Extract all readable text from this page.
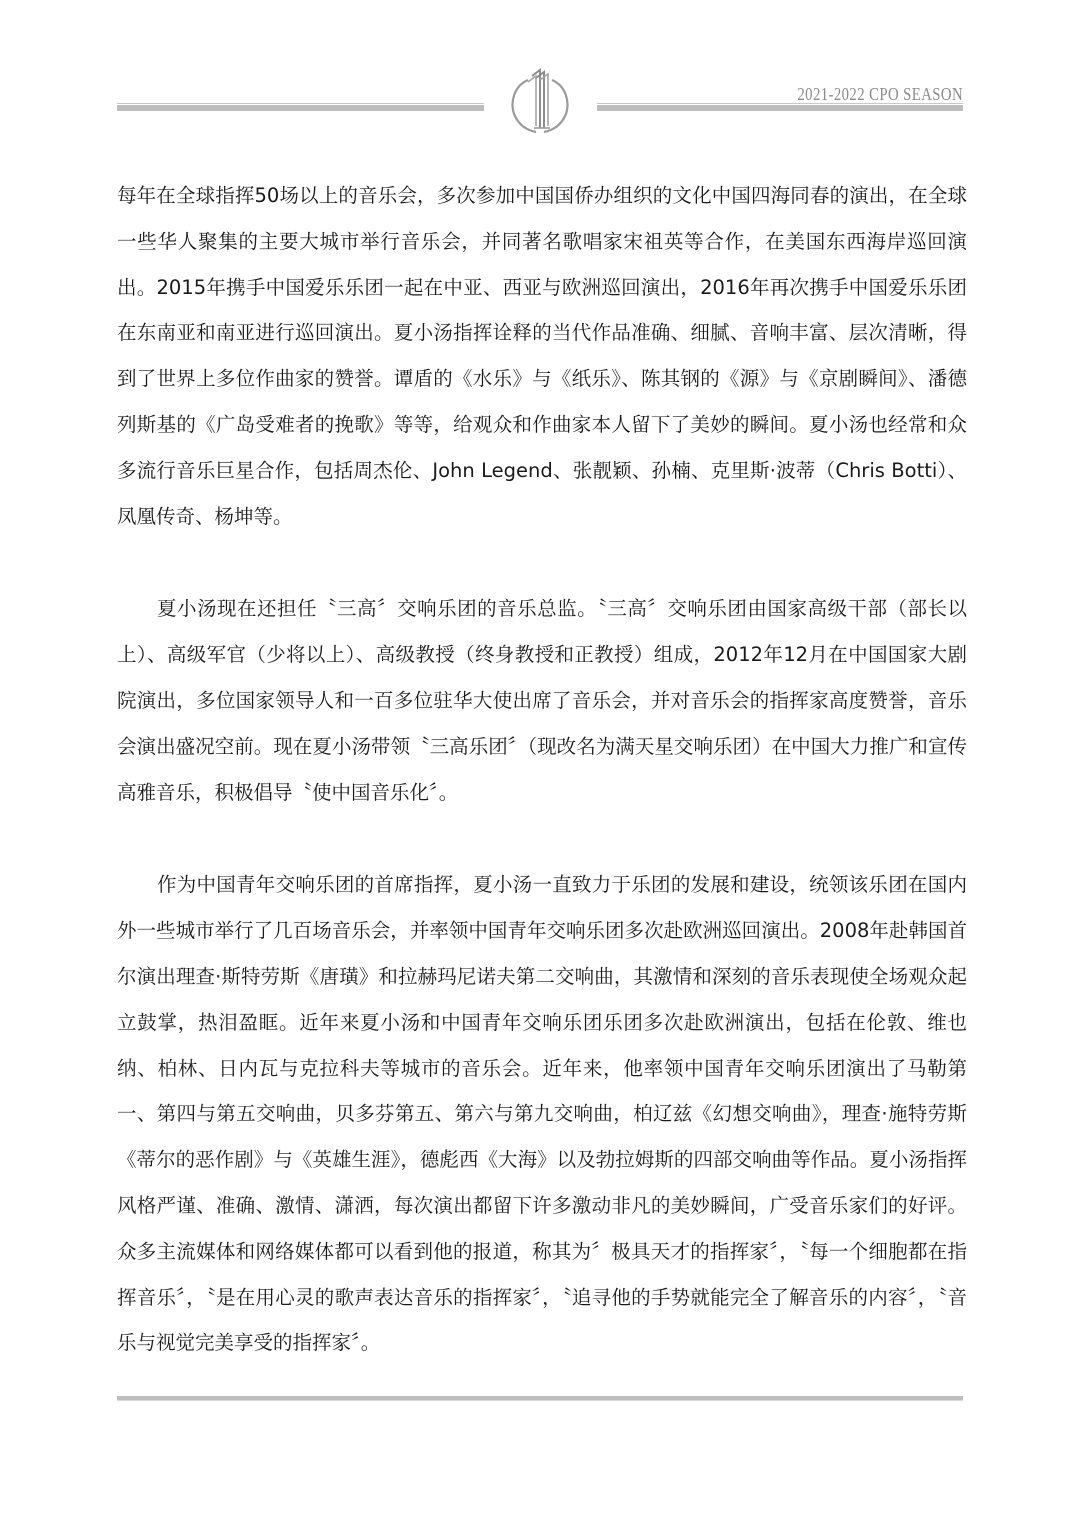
2021-2022 CPO SEASON

每年在全球指挥50场以上的音乐会，多次参加中国国侨办组织的文化中国四海同春的演出，在全球一些华人聚集的主要大城市举行音乐会，并同著名歌唱家宋祖英等合作，在美国东西海岸巡回演出。2015年携手中国爱乐乐团一起在中亚、西亚与欧洲巡回演出，2016年再次携手中国爱乐乐团在东南亚和南亚进行巡回演出。夏小汤指挥诠释的当代作品准确、细腻、音响丰富、层次清晰，得到了世界上多位作曲家的赞誉。谭盾的《水乐》与《纸乐》、陈其钢的《源》与《京剧瞬间》、潘德列斯基的《广岛受难者的挽歌》等等，给观众和作曲家本人留下了美妙的瞬间。夏小汤也经常和众多流行音乐巨星合作，包括周杰伦、John Legend、张靓颖、孙楠、克里斯·波蒂（Chris Botti）、凤凰传奇、杨坤等。

夏小汤现在还担任〝三高〞交响乐团的音乐总监。〝三高〞交响乐团由国家高级干部（部长以上）、高级军官（少将以上）、高级教授（终身教授和正教授）组成，2012年12月在中国国家大剧院演出，多位国家领导人和一百多位驻华大使出席了音乐会，并对音乐会的指挥家高度赞誉，音乐会演出盛况空前。现在夏小汤带领〝三高乐团〞（现改名为满天星交响乐团）在中国大力推广和宣传高雅音乐，积极倡导〝使中国音乐化〞。

作为中国青年交响乐团的首席指挥，夏小汤一直致力于乐团的发展和建设，统领该乐团在国内外一些城市举行了几百场音乐会，并率领中国青年交响乐团多次赴欧洲巡回演出。2008年赴韩国首尔演出理查·斯特劳斯《唐璜》和拉赫玛尼诺夫第二交响曲，其激情和深刻的音乐表现使全场观众起立鼓掌，热泪盈眶。近年来夏小汤和中国青年交响乐团乐团多次赴欧洲演出，包括在伦敦、维也纳、柏林、日内瓦与克拉科夫等城市的音乐会。近年来，他率领中国青年交响乐团演出了马勒第一、第四与第五交响曲，贝多芬第五、第六与第九交响曲，柏辽兹《幻想交响曲》，理查·施特劳斯《蒂尔的恶作剧》与《英雄生涯》，德彪西《大海》以及勃拉姆斯的四部交响曲等作品。夏小汤指挥风格严谨、准确、激情、潇洒，每次演出都留下许多激动非凡的美妙瞬间，广受音乐家们的好评。众多主流媒体和网络媒体都可以看到他的报道，称其为〞极具天才的指挥家〞，〝每一个细胞都在指挥音乐〞，〝是在用心灵的歌声表达音乐的指挥家〞，〝追寻他的手势就能完全了解音乐的内容〞，〝音乐与视觉完美享受的指挥家〞。
